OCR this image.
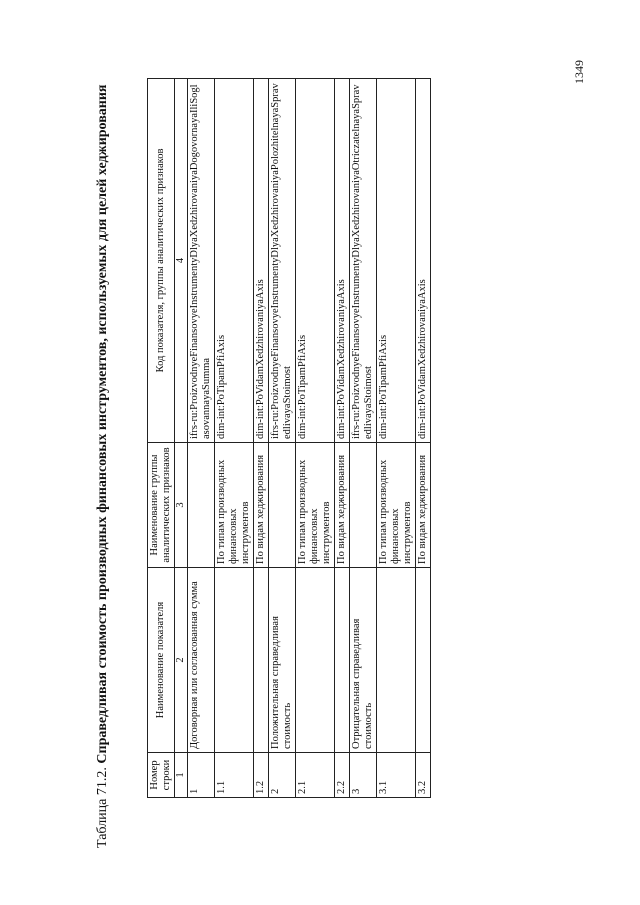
1349
Таблица 71.2. Справедливая стоимость производных финансовых инструментов, используемых для целей хеджирования
Номер строки	Наименование показателя	Наименование группы аналитических признаков	Код показателя, группы аналитических признаков
1	2	3	4
1	Договорная или согласованная сумма		ifrs-ru:ProizvodnyeFinansovyeInstrumentyDlyaXedzhirovaniyaDogovornayaIliSoglasovannayaSumma
1.1		По типам производных финансовых инструментов	dim-int:PoTipamPfiAxis
1.2		По видам хеджирования	dim-int:PoVidamXedzhirovaniyaAxis
2	Положительная справедливая стоимость		ifrs-ru:ProizvodnyeFinansovyeInstrumentyDlyaXedzhirovaniyaPolozhitelnayaSpravedlivayaStoimost
2.1		По типам производных финансовых инструментов	dim-int:PoTipamPfiAxis
2.2		По видам хеджирования	dim-int:PoVidamXedzhirovaniyaAxis
3	Отрицательная справедливая стоимость		ifrs-ru:ProizvodnyeFinansovyeInstrumentyDlyaXedzhirovaniyaOtriczatelnayaSpravedlivayaStoimost
3.1		По типам производных финансовых инструментов	dim-int:PoTipamPfiAxis
3.2		По видам хеджирования	dim-int:PoVidamXedzhirovaniyaAxis
